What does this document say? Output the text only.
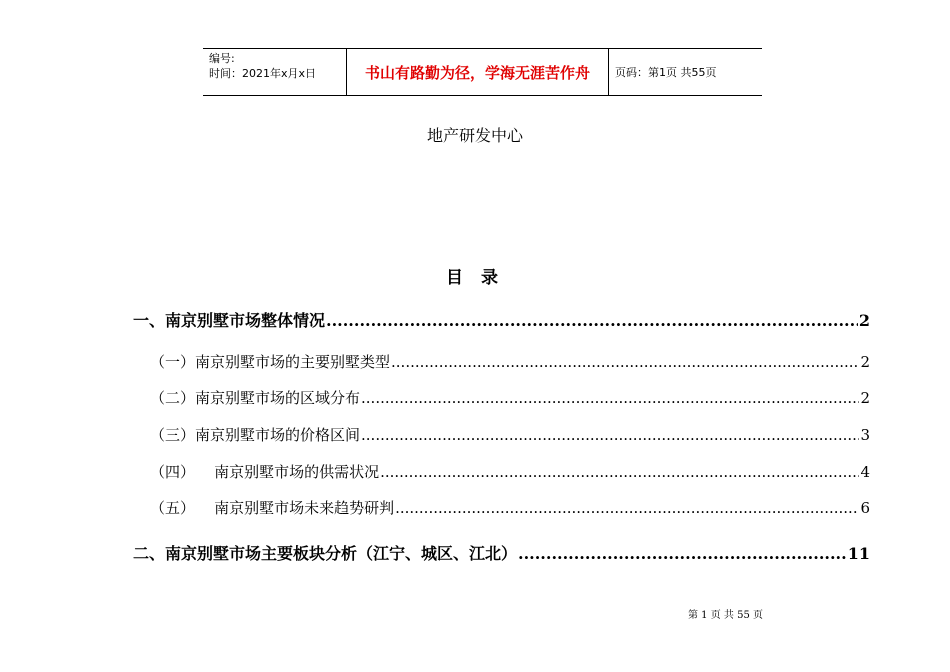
编号:
时间：2021年x月x日	书山有路勤为径，学海无涯苦作舟	页码：第1页 共55页
地产研发中心
目 录
一、南京别墅市场整体情况 .....	2
（一）南京别墅市场的主要别墅类型 .....	2
（二）南京别墅市场的区域分布 .....	2
（三）南京别墅市场的价格区间 .....	3
（四）    南京别墅市场的供需状况 .....	4
（五）    南京别墅市场未来趋势研判 .....	6
二、南京别墅市场主要板块分析（江宁、城区、江北） .....	11
第 1 页 共 55 页
